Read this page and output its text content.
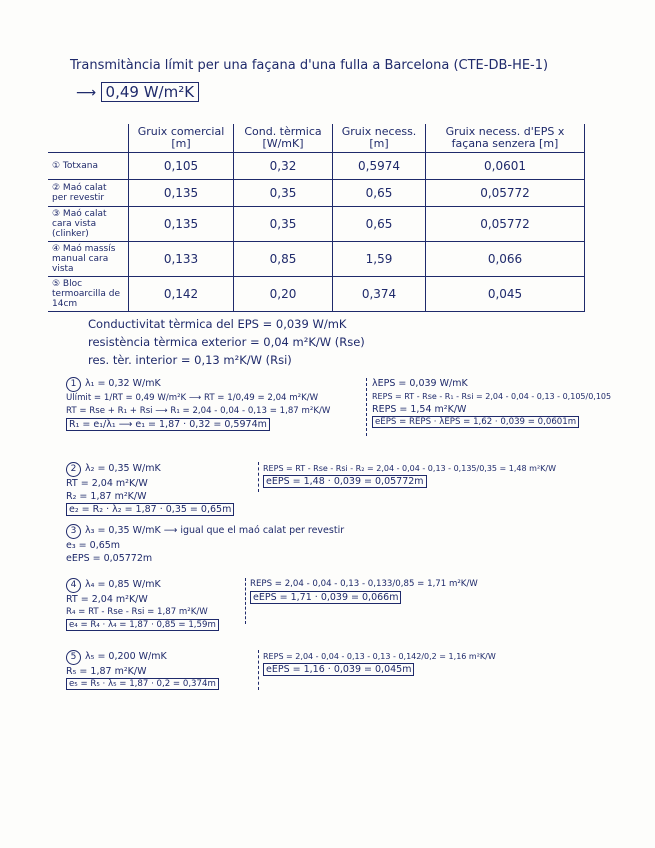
Transmitància límit per una façana d'una fulla a Barcelona (CTE-DB-HE-1)
⟶ 0,49 W/m²K
	Gruix comercial [m]	Cond. tèrmica [W/mK]	Gruix necess. [m]	Gruix necess. d'EPS x façana senzera [m]
① Totxana	0,105	0,32	0,5974	0,0601
② Maó calat per revestir	0,135	0,35	0,65	0,05772
③ Maó calat cara vista (clinker)	0,135	0,35	0,65	0,05772
④ Maó massís manual cara vista	0,133	0,85	1,59	0,066
⑤ Bloc termoarcilla de 14cm	0,142	0,20	0,374	0,045
Conductivitat tèrmica del EPS = 0,039 W/mK
resistència tèrmica exterior = 0,04 m²K/W (Rse)
res. tèr. interior = 0,13 m²K/W (Rsi)
1 λ₁ = 0,32 W/mK
Ulímit = 1/RT = 0,49 W/m²K ⟶ RT = 1/0,49 = 2,04 m²K/W
RT = Rse + R₁ + Rsi ⟶ R₁ = 2,04 - 0,04 - 0,13 = 1,87 m²K/W
R₁ = e₁/λ₁ ⟶ e₁ = 1,87 · 0,32 = 0,5974m
λEPS = 0,039 W/mK
REPS = RT - Rse - R₁ - Rsi = 2,04 - 0,04 - 0,13 - 0,105/0,105
REPS = 1,54 m²K/W
eEPS = REPS · λEPS = 1,62 · 0,039 = 0,0601m
2 λ₂ = 0,35 W/mK
RT = 2,04 m²K/W
R₂ = 1,87 m²K/W
e₂ = R₂ · λ₂ = 1,87 · 0,35 = 0,65m
REPS = RT - Rse - Rsi - R₂ = 2,04 - 0,04 - 0,13 - 0,135/0,35 = 1,48 m²K/W
eEPS = 1,48 · 0,039 = 0,05772m
3 λ₃ = 0,35 W/mK ⟶ igual que el maó calat per revestir
e₃ = 0,65m
eEPS = 0,05772m
4 λ₄ = 0,85 W/mK
RT = 2,04 m²K/W
R₄ = RT - Rse - Rsi = 1,87 m²K/W
e₄ = R₄ · λ₄ = 1,87 · 0,85 = 1,59m
REPS = 2,04 - 0,04 - 0,13 - 0,133/0,85 = 1,71 m²K/W
eEPS = 1,71 · 0,039 = 0,066m
5 λ₅ = 0,200 W/mK
R₅ = 1,87 m²K/W
e₅ = R₅ · λ₅ = 1,87 · 0,2 = 0,374m
REPS = 2,04 - 0,04 - 0,13 - 0,13 - 0,142/0,2 = 1,16 m²K/W
eEPS = 1,16 · 0,039 = 0,045m
